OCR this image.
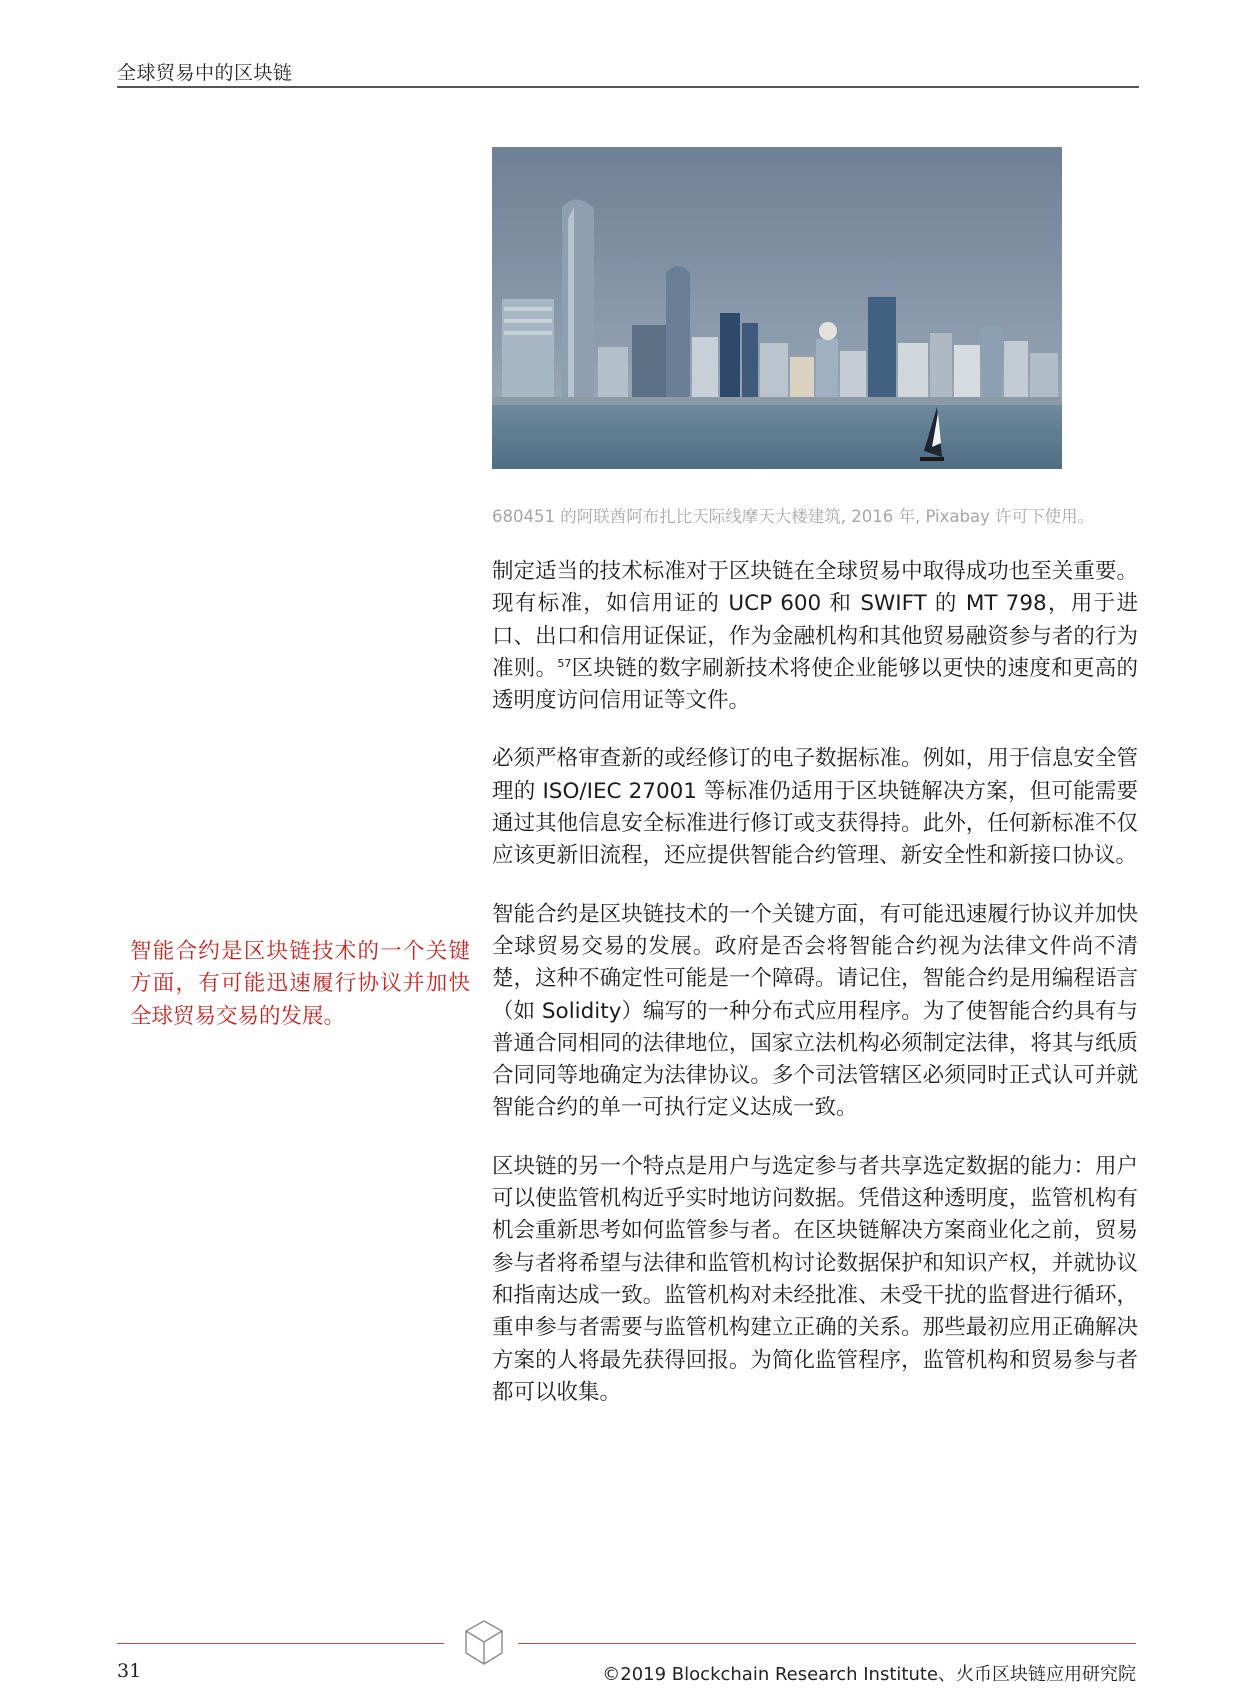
全球贸易中的区块链
680451 的阿联酋阿布扎比天际线摩天大楼建筑, 2016 年, Pixabay 许可下使用。

制定适当的技术标准对于区块链在全球贸易中取得成功也至关重要。现有标准，如信用证的 UCP 600 和 SWIFT 的 MT 798，用于进口、出口和信用证保证，作为金融机构和其他贸易融资参与者的行为准则。$^{57}$区块链的数字刷新技术将使企业能够以更快的速度和更高的透明度访问信用证等文件。

必须严格审查新的或经修订的电子数据标准。例如，用于信息安全管理的 ISO/IEC 27001 等标准仍适用于区块链解决方案，但可能需要通过其他信息安全标准进行修订或支获得持。此外，任何新标准不仅应该更新旧流程，还应提供智能合约管理、新安全性和新接口协议。

智能合约是区块链技术的一个关键方面，有可能迅速履行协议并加快全球贸易交易的发展。政府是否会将智能合约视为法律文件尚不清楚，这种不确定性可能是一个障碍。请记住，智能合约是用编程语言（如 Solidity）编写的一种分布式应用程序。为了使智能合约具有与普通合同相同的法律地位，国家立法机构必须制定法律，将其与纸质合同同等地确定为法律协议。多个司法管辖区必须同时正式认可并就智能合约的单一可执行定义达成一致。

区块链的另一个特点是用户与选定参与者共享选定数据的能力：用户可以使监管机构近乎实时地访问数据。凭借这种透明度，监管机构有机会重新思考如何监管参与者。在区块链解决方案商业化之前，贸易参与者将希望与法律和监管机构讨论数据保护和知识产权，并就协议和指南达成一致。监管机构对未经批准、未受干扰的监督进行循环，重申参与者需要与监管机构建立正确的关系。那些最初应用正确解决方案的人将最先获得回报。为简化监管程序，监管机构和贸易参与者都可以收集。

智能合约是区块链技术的一个关键方面，有可能迅速履行协议并加快全球贸易交易的发展。
31	©2019 Blockchain Research Institute、火币区块链应用研究院
